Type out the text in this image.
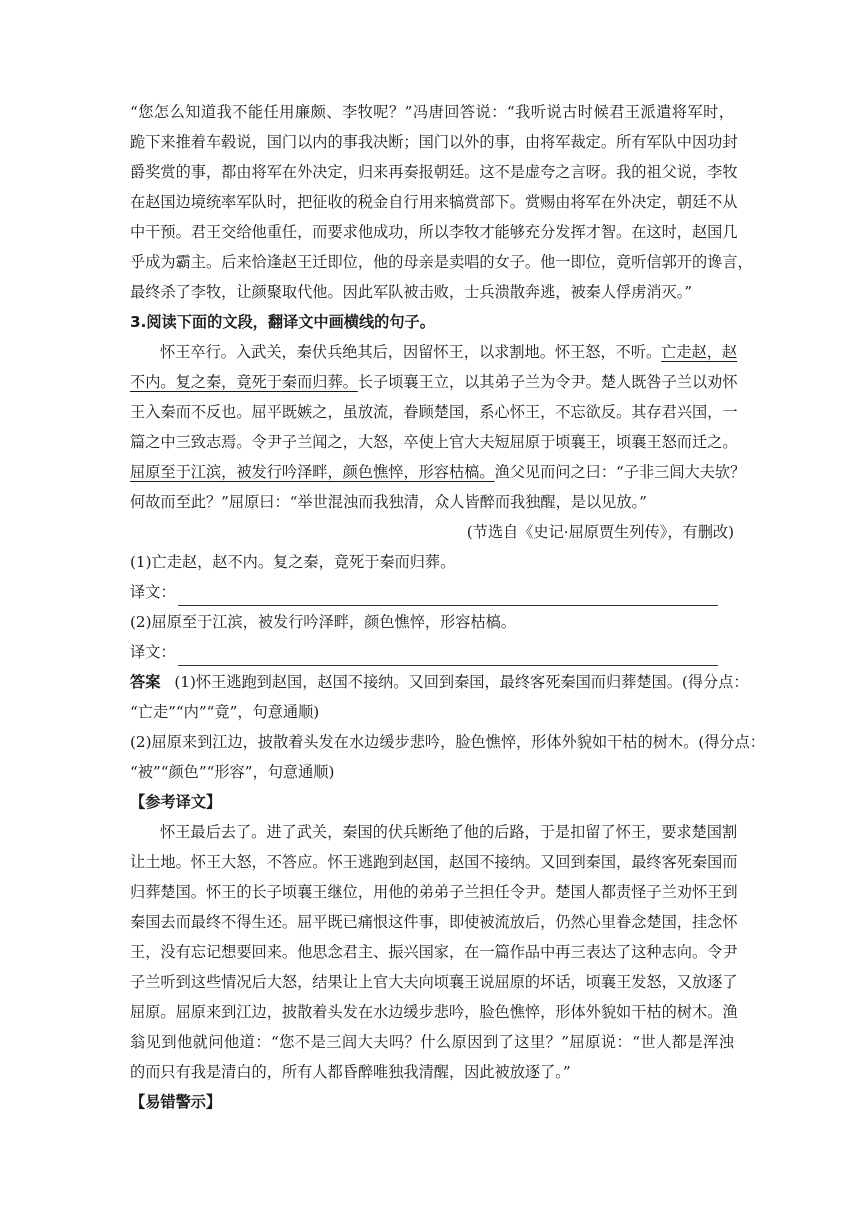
“您怎么知道我不能任用廉颇、李牧呢？”冯唐回答说：“我听说古时候君王派遣将军时，
跪下来推着车毂说，国门以内的事我决断；国门以外的事，由将军裁定。所有军队中因功封
爵奖赏的事，都由将军在外决定，归来再奏报朝廷。这不是虚夸之言呀。我的祖父说，李牧
在赵国边境统率军队时，把征收的税金自行用来犒赏部下。赏赐由将军在外决定，朝廷不从
中干预。君王交给他重任，而要求他成功，所以李牧才能够充分发挥才智。在这时，赵国几
乎成为霸主。后来恰逢赵王迁即位，他的母亲是卖唱的女子。他一即位，竟听信郭开的谗言，
最终杀了李牧，让颜聚取代他。因此军队被击败，士兵溃散奔逃，被秦人俘虏消灭。”
3.阅读下面的文段，翻译文中画横线的句子。
怀王卒行。入武关，秦伏兵绝其后，因留怀王，以求割地。怀王怒，不听。亡走赵，赵
不内。复之秦，竟死于秦而归葬。长子顷襄王立，以其弟子兰为令尹。楚人既咎子兰以劝怀
王入秦而不反也。屈平既嫉之，虽放流，眷顾楚国，系心怀王，不忘欲反。其存君兴国，一
篇之中三致志焉。令尹子兰闻之，大怒，卒使上官大夫短屈原于顷襄王，顷襄王怒而迁之。
屈原至于江滨，被发行吟泽畔，颜色憔悴，形容枯槁。渔父见而问之曰：“子非三闾大夫欤？
何故而至此？”屈原曰：“举世混浊而我独清，众人皆醉而我独醒，是以见放。”
(节选自《史记·屈原贾生列传》，有删改)
(1)亡走赵，赵不内。复之秦，竟死于秦而归葬。
译文：
(2)屈原至于江滨，被发行吟泽畔，颜色憔悴，形容枯槁。
译文：
答案 (1)怀王逃跑到赵国，赵国不接纳。又回到秦国，最终客死秦国而归葬楚国。(得分点：
“亡走”“内”“竟”，句意通顺)
(2)屈原来到江边，披散着头发在水边缓步悲吟，脸色憔悴，形体外貌如干枯的树木。(得分点：
“被”“颜色”“形容”，句意通顺)
【参考译文】
怀王最后去了。进了武关，秦国的伏兵断绝了他的后路，于是扣留了怀王，要求楚国割
让土地。怀王大怒，不答应。怀王逃跑到赵国，赵国不接纳。又回到秦国，最终客死秦国而
归葬楚国。怀王的长子顷襄王继位，用他的弟弟子兰担任令尹。楚国人都责怪子兰劝怀王到
秦国去而最终不得生还。屈平既已痛恨这件事，即使被流放后，仍然心里眷念楚国，挂念怀
王，没有忘记想要回来。他思念君主、振兴国家，在一篇作品中再三表达了这种志向。令尹
子兰听到这些情况后大怒，结果让上官大夫向顷襄王说屈原的坏话，顷襄王发怒，又放逐了
屈原。屈原来到江边，披散着头发在水边缓步悲吟，脸色憔悴，形体外貌如干枯的树木。渔
翁见到他就问他道：“您不是三闾大夫吗？什么原因到了这里？”屈原说：“世人都是浑浊
的而只有我是清白的，所有人都昏醉唯独我清醒，因此被放逐了。”
【易错警示】
